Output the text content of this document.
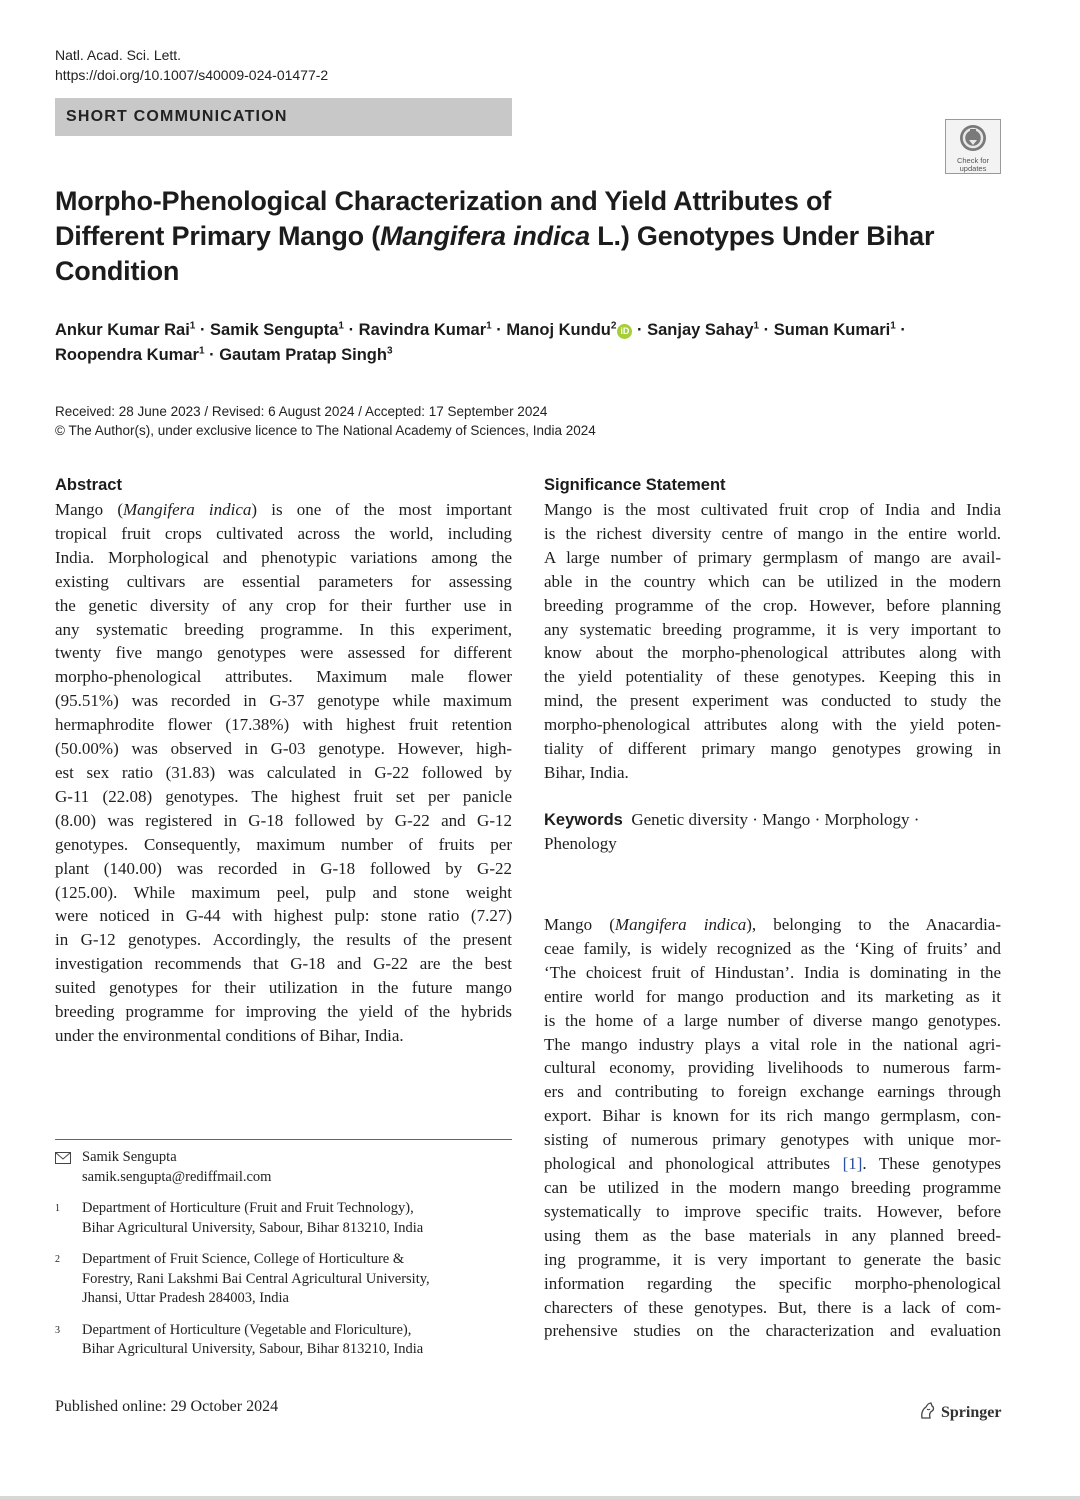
Natl. Acad. Sci. Lett.
https://doi.org/10.1007/s40009-024-01477-2
SHORT COMMUNICATION
Check for
updates
Morpho-Phenological Characterization and Yield Attributes of
Different Primary Mango (Mangifera indica L.) Genotypes Under Bihar
Condition
Ankur Kumar Rai$^1$ · Samik Sengupta$^1$ · Ravindra Kumar$^1$ · Manoj Kundu$^2$ iD · Sanjay Sahay$^1$ · Suman Kumari$^1$ ·
Roopendra Kumar$^1$ · Gautam Pratap Singh$^3$
Received: 28 June 2023 / Revised: 6 August 2024 / Accepted: 17 September 2024
© The Author(s), under exclusive licence to The National Academy of Sciences, India 2024
Abstract
Mango (Mangifera indica) is one of the most important
tropical fruit crops cultivated across the world, including
India. Morphological and phenotypic variations among the
existing cultivars are essential parameters for assessing
the genetic diversity of any crop for their further use in
any systematic breeding programme. In this experiment,
twenty five mango genotypes were assessed for different
morpho-phenological attributes. Maximum male flower
(95.51%) was recorded in G-37 genotype while maximum
hermaphrodite flower (17.38%) with highest fruit retention
(50.00%) was observed in G-03 genotype. However, high-
est sex ratio (31.83) was calculated in G-22 followed by
G-11 (22.08) genotypes. The highest fruit set per panicle
(8.00) was registered in G-18 followed by G-22 and G-12
genotypes. Consequently, maximum number of fruits per
plant (140.00) was recorded in G-18 followed by G-22
(125.00). While maximum peel, pulp and stone weight
were noticed in G-44 with highest pulp: stone ratio (7.27)
in G-12 genotypes. Accordingly, the results of the present
investigation recommends that G-18 and G-22 are the best
suited genotypes for their utilization in the future mango
breeding programme for improving the yield of the hybrids
under the environmental conditions of Bihar, India.
Significance Statement
Mango is the most cultivated fruit crop of India and India
is the richest diversity centre of mango in the entire world.
A large number of primary germplasm of mango are avail-
able in the country which can be utilized in the modern
breeding programme of the crop. However, before planning
any systematic breeding programme, it is very important to
know about the morpho-phenological attributes along with
the yield potentiality of these genotypes. Keeping this in
mind, the present experiment was conducted to study the
morpho-phenological attributes along with the yield poten-
tiality of different primary mango genotypes growing in
Bihar, India.
Keywords Genetic diversity · Mango · Morphology ·
Phenology
Mango (Mangifera indica), belonging to the Anacardia-
ceae family, is widely recognized as the ‘King of fruits’ and
‘The choicest fruit of Hindustan’. India is dominating in the
entire world for mango production and its marketing as it
is the home of a large number of diverse mango genotypes.
The mango industry plays a vital role in the national agri-
cultural economy, providing livelihoods to numerous farm-
ers and contributing to foreign exchange earnings through
export. Bihar is known for its rich mango germplasm, con-
sisting of numerous primary genotypes with unique mor-
phological and phonological attributes [1]. These genotypes
can be utilized in the modern mango breeding programme
systematically to improve specific traits. However, before
using them as the base materials in any planned breed-
ing programme, it is very important to generate the basic
information regarding the specific morpho-phenological
charecters of these genotypes. But, there is a lack of com-
prehensive studies on the characterization and evaluation
Samik Sengupta
samik.sengupta@rediffmail.com
1 Department of Horticulture (Fruit and Fruit Technology),
Bihar Agricultural University, Sabour, Bihar 813210, India
2 Department of Fruit Science, College of Horticulture &
Forestry, Rani Lakshmi Bai Central Agricultural University,
Jhansi, Uttar Pradesh 284003, India
3 Department of Horticulture (Vegetable and Floriculture),
Bihar Agricultural University, Sabour, Bihar 813210, India
Published online: 29 October 2024	Springer
